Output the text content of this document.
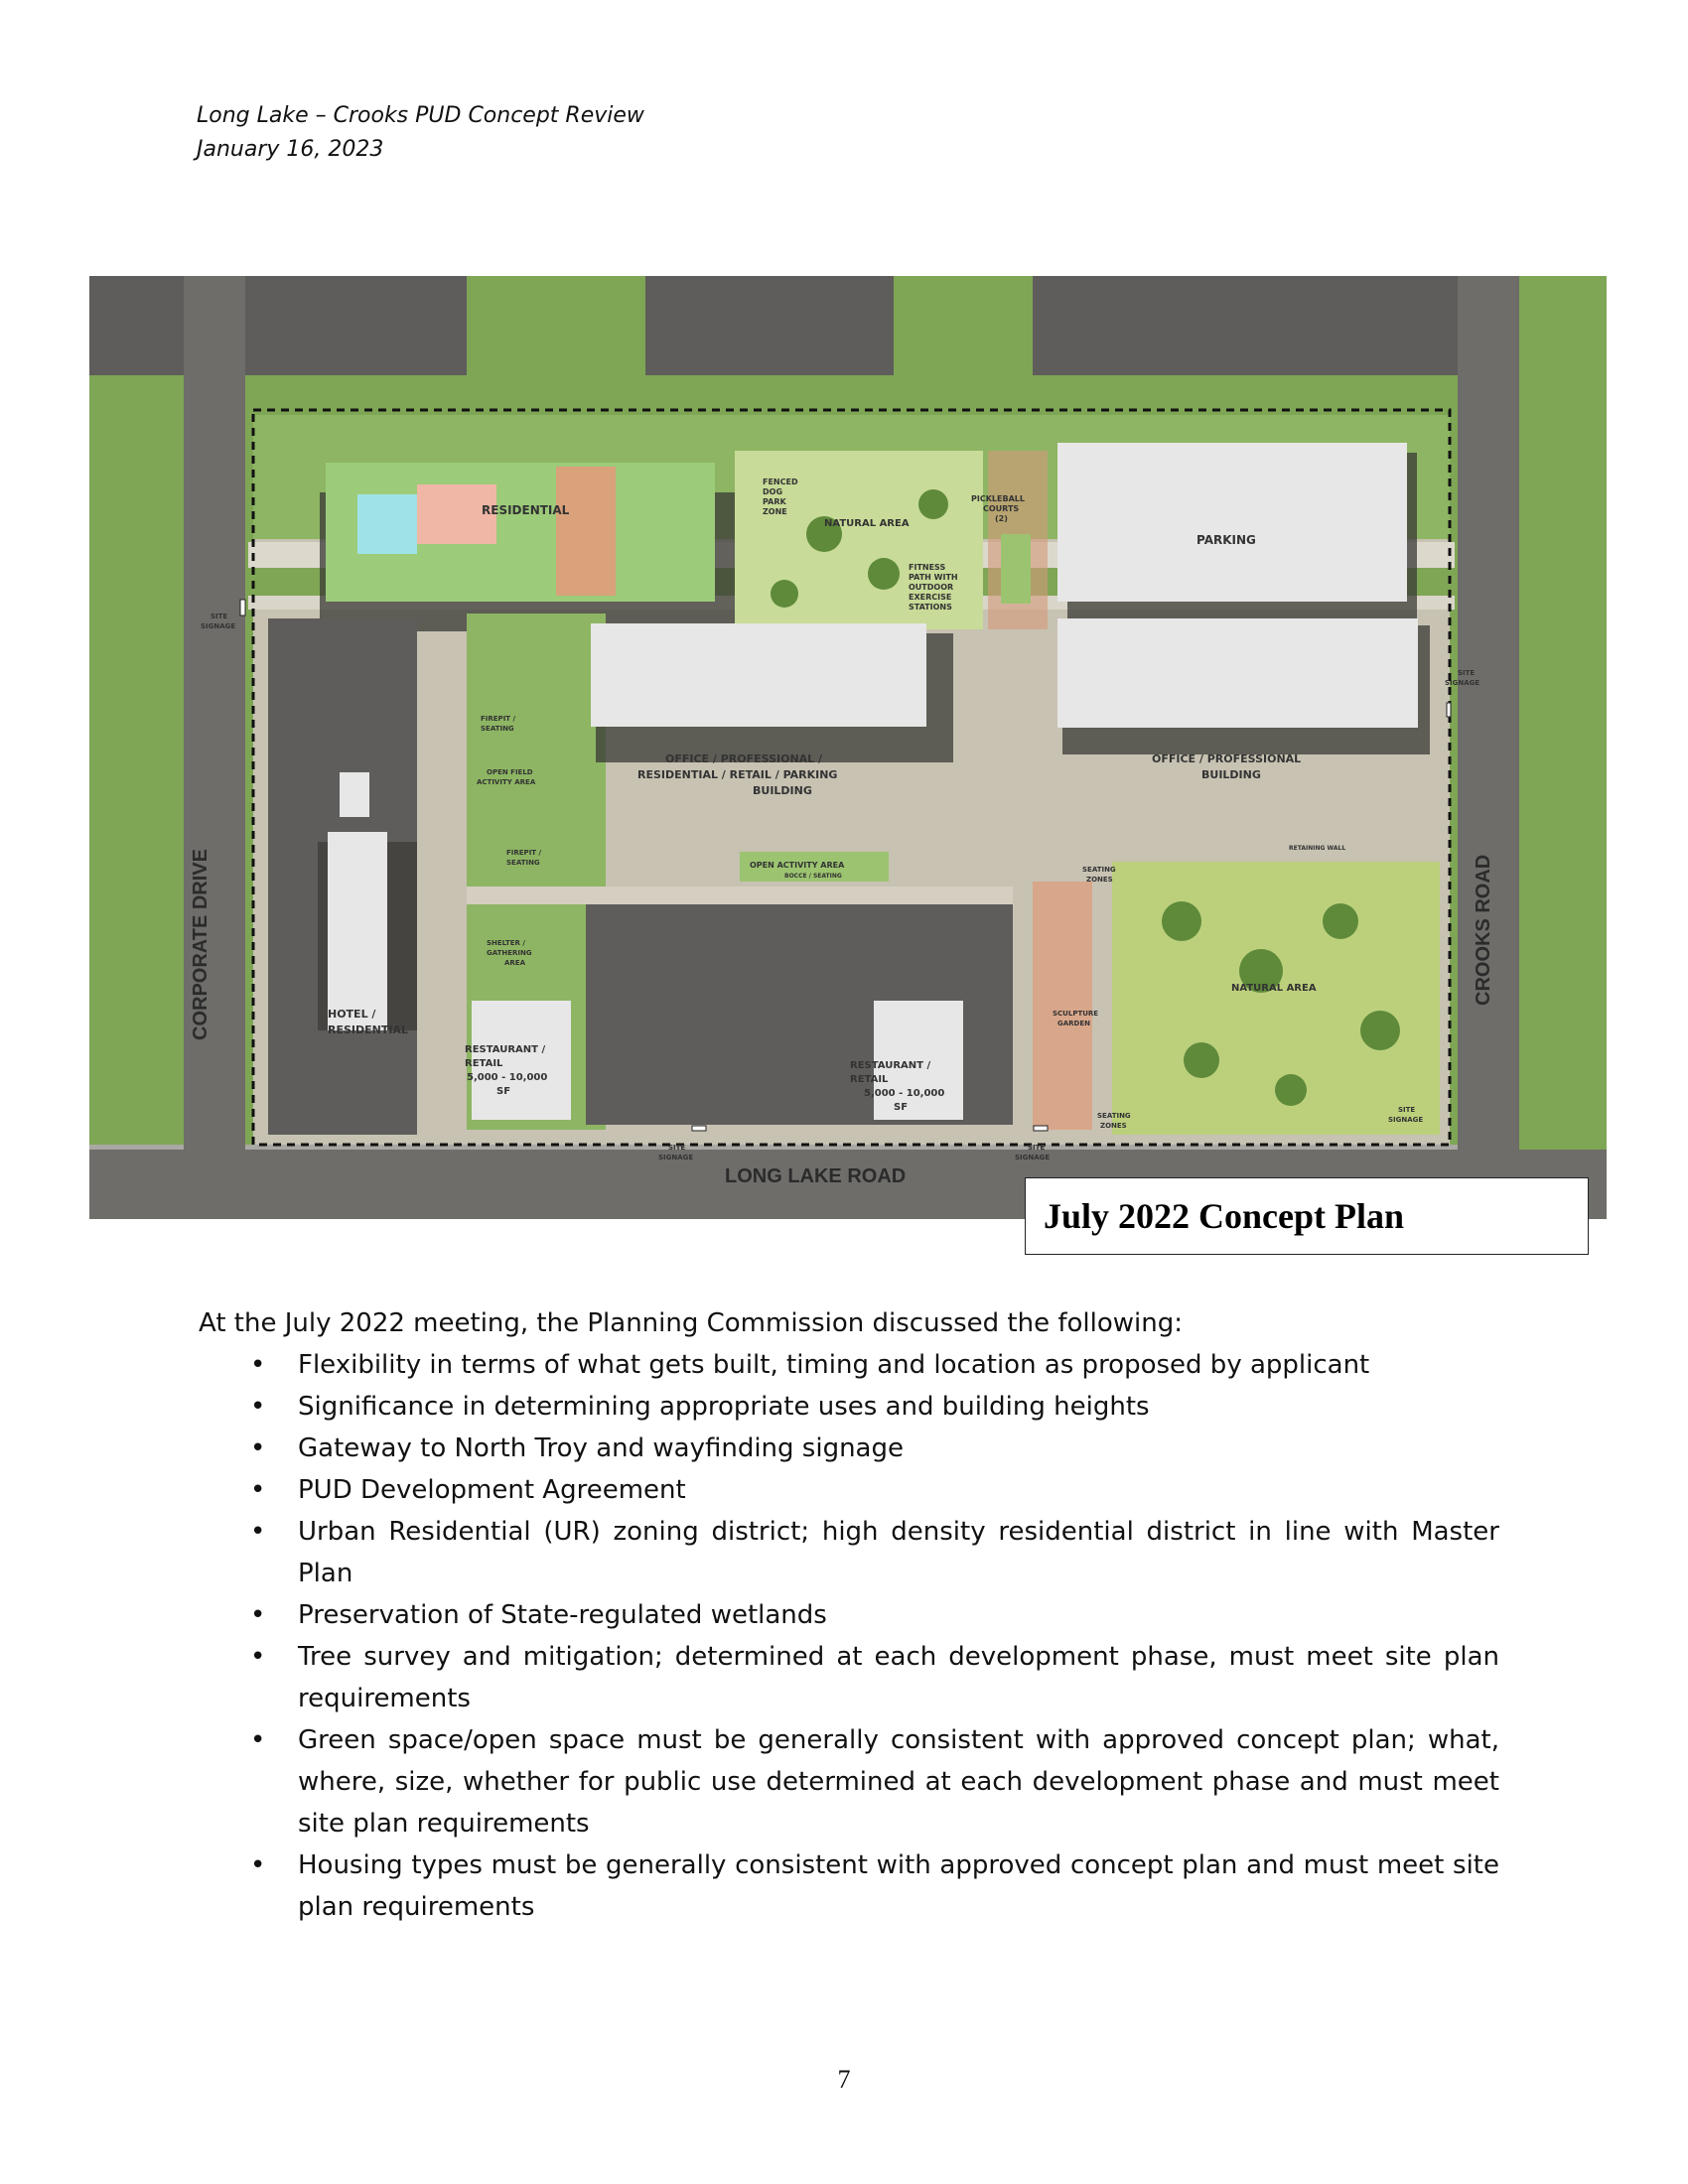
Long Lake – Crooks PUD Concept Review
January 16, 2023
RESIDENTIAL
FENCED DOG PARK ZONE
NATURAL AREA
FITNESS PATH WITH OUTDOOR EXERCISE STATIONS
PICKLEBALL COURTS (2)
PARKING
SITE SIGNAGE
SITE SIGNAGE
FIREPIT / SEATING
OPEN FIELD ACTIVITY AREA
FIREPIT / SEATING
SHELTER / GATHERING AREA
OFFICE / PROFESSIONAL / RESIDENTIAL / RETAIL / PARKING BUILDING
OFFICE / PROFESSIONAL BUILDING
OPEN ACTIVITY AREA
BOCCE / SEATING
RETAINING WALL
SEATING ZONES
SCULPTURE GARDEN
SEATING ZONES
NATURAL AREA
SITE SIGNAGE
HOTEL / RESIDENTIAL
RESTAURANT / RETAIL 5,000 - 10,000 SF
RESTAURANT / RETAIL 5,000 - 10,000 SF
SITE SIGNAGE
SITE SIGNAGE
CORPORATE DRIVE	CROOKS ROAD
LONG LAKE ROAD
July 2022 Concept Plan
At the July 2022 meeting, the Planning Commission discussed the following:
• Flexibility in terms of what gets built, timing and location as proposed by applicant
• Significance in determining appropriate uses and building heights
• Gateway to North Troy and wayfinding signage
• PUD Development Agreement
• Urban Residential (UR) zoning district; high density residential district in line with Master Plan
• Preservation of State-regulated wetlands
• Tree survey and mitigation; determined at each development phase, must meet site plan requirements
• Green space/open space must be generally consistent with approved concept plan; what, where, size, whether for public use determined at each development phase and must meet site plan requirements
• Housing types must be generally consistent with approved concept plan and must meet site plan requirements
7
